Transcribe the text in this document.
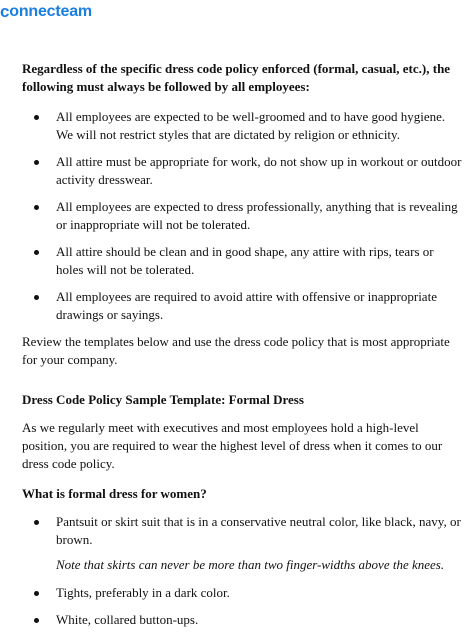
c onnecteam
Regardless of the specific dress code policy enforced (formal, casual, etc.), the following must always be followed by all employees:
All employees are expected to be well-groomed and to have good hygiene. We will not restrict styles that are dictated by religion or ethnicity.
All attire must be appropriate for work, do not show up in workout or outdoor activity dresswear.
All employees are expected to dress professionally, anything that is revealing or inappropriate will not be tolerated.
All attire should be clean and in good shape, any attire with rips, tears or holes will not be tolerated.
All employees are required to avoid attire with offensive or inappropriate drawings or sayings.

Review the templates below and use the dress code policy that is most appropriate for your company.

Dress Code Policy Sample Template: Formal Dress

As we regularly meet with executives and most employees hold a high-level position, you are required to wear the highest level of dress when it comes to our dress code policy.

What is formal dress for women?
Pantsuit or skirt suit that is in a conservative neutral color, like black, navy, or brown.

Note that skirts can never be more than two finger-widths above the knees.

Tights, preferably in a dark color.
White, collared button-ups.
